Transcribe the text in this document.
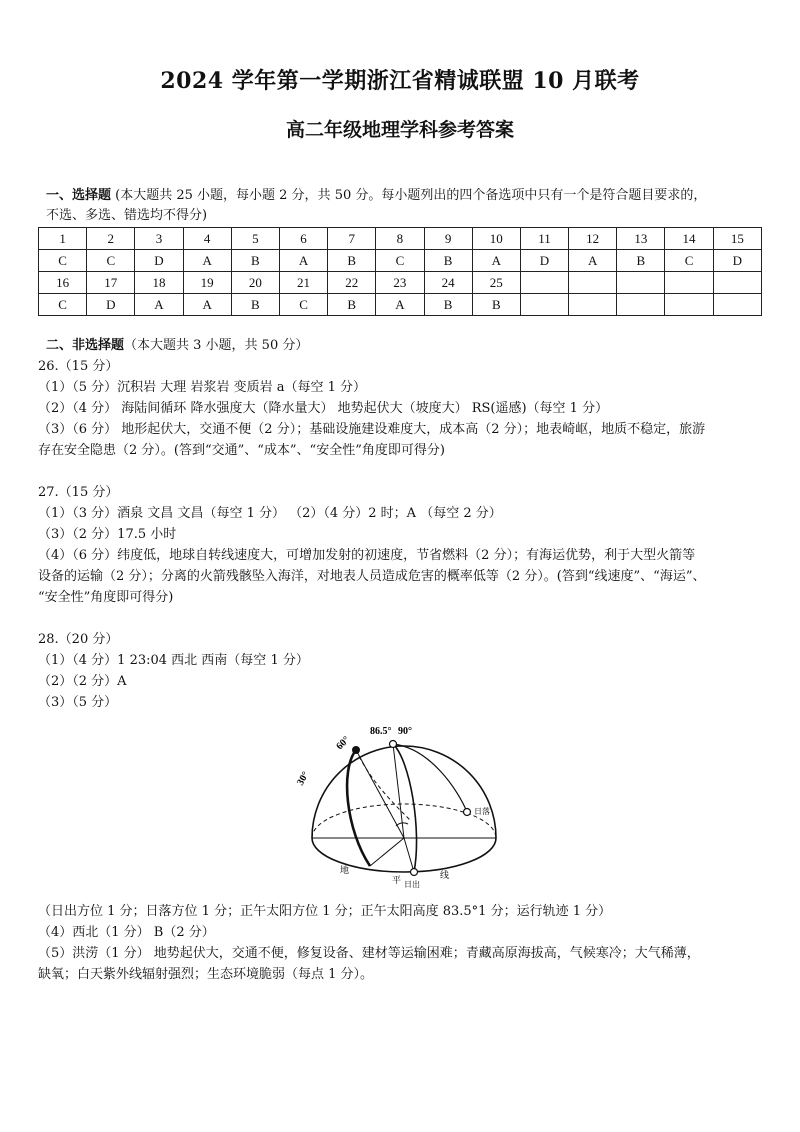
2024 学年第一学期浙江省精诚联盟 10 月联考
高二年级地理学科参考答案
一、选择题 (本大题共 25 小题，每小题 2 分，共 50 分。每小题列出的四个备选项中只有一个是符合题目要求的，
不选、多选、错选均不得分)
1	2	3	4	5	6	7	8	9	10	11	12	13	14	15
C	C	D	A	B	A	B	C	B	A	D	A	B	C	D
16	17	18	19	20	21	22	23	24	25					
C	D	A	A	B	C	B	A	B	B					
二、非选择题（本大题共 3 小题，共 50 分）
26.（15 分）
（1）（5 分）沉积岩 大理 岩浆岩 变质岩 a（每空 1 分）
（2）（4 分） 海陆间循环 降水强度大（降水量大） 地势起伏大（坡度大） RS(遥感)（每空 1 分）
（3）（6 分） 地形起伏大，交通不便（2 分）；基础设施建设难度大，成本高（2 分）；地表崎岖，地质不稳定，旅游
存在安全隐患（2 分）。(答到“交通”、“成本”、“安全性”角度即可得分)
27.（15 分）
（1）（3 分）酒泉 文昌 文昌（每空 1 分） （2）（4 分）2 时；A （每空 2 分）
（3）（2 分）17.5 小时
（4）（6 分）纬度低，地球自转线速度大，可增加发射的初速度，节省燃料（2 分）；有海运优势，利于大型火箭等
设备的运输（2 分）；分离的火箭残骸坠入海洋，对地表人员造成危害的概率低等（2 分）。(答到“线速度”、“海运”、
“安全性”角度即可得分)
28.（20 分）
（1）（4 分）1 23:04 西北 西南（每空 1 分）
（2）（2 分）A
（3）（5 分）
30°
60°
86.5° 90°
日落
日出
地
平	线
（日出方位 1 分；日落方位 1 分；正午太阳方位 1 分；正午太阳高度 83.5°1 分；运行轨迹 1 分）
（4）西北（1 分） B（2 分）
（5）洪涝（1 分） 地势起伏大，交通不便，修复设备、建材等运输困难；青藏高原海拔高，气候寒冷；大气稀薄，
缺氧；白天紫外线辐射强烈；生态环境脆弱（每点 1 分）。
